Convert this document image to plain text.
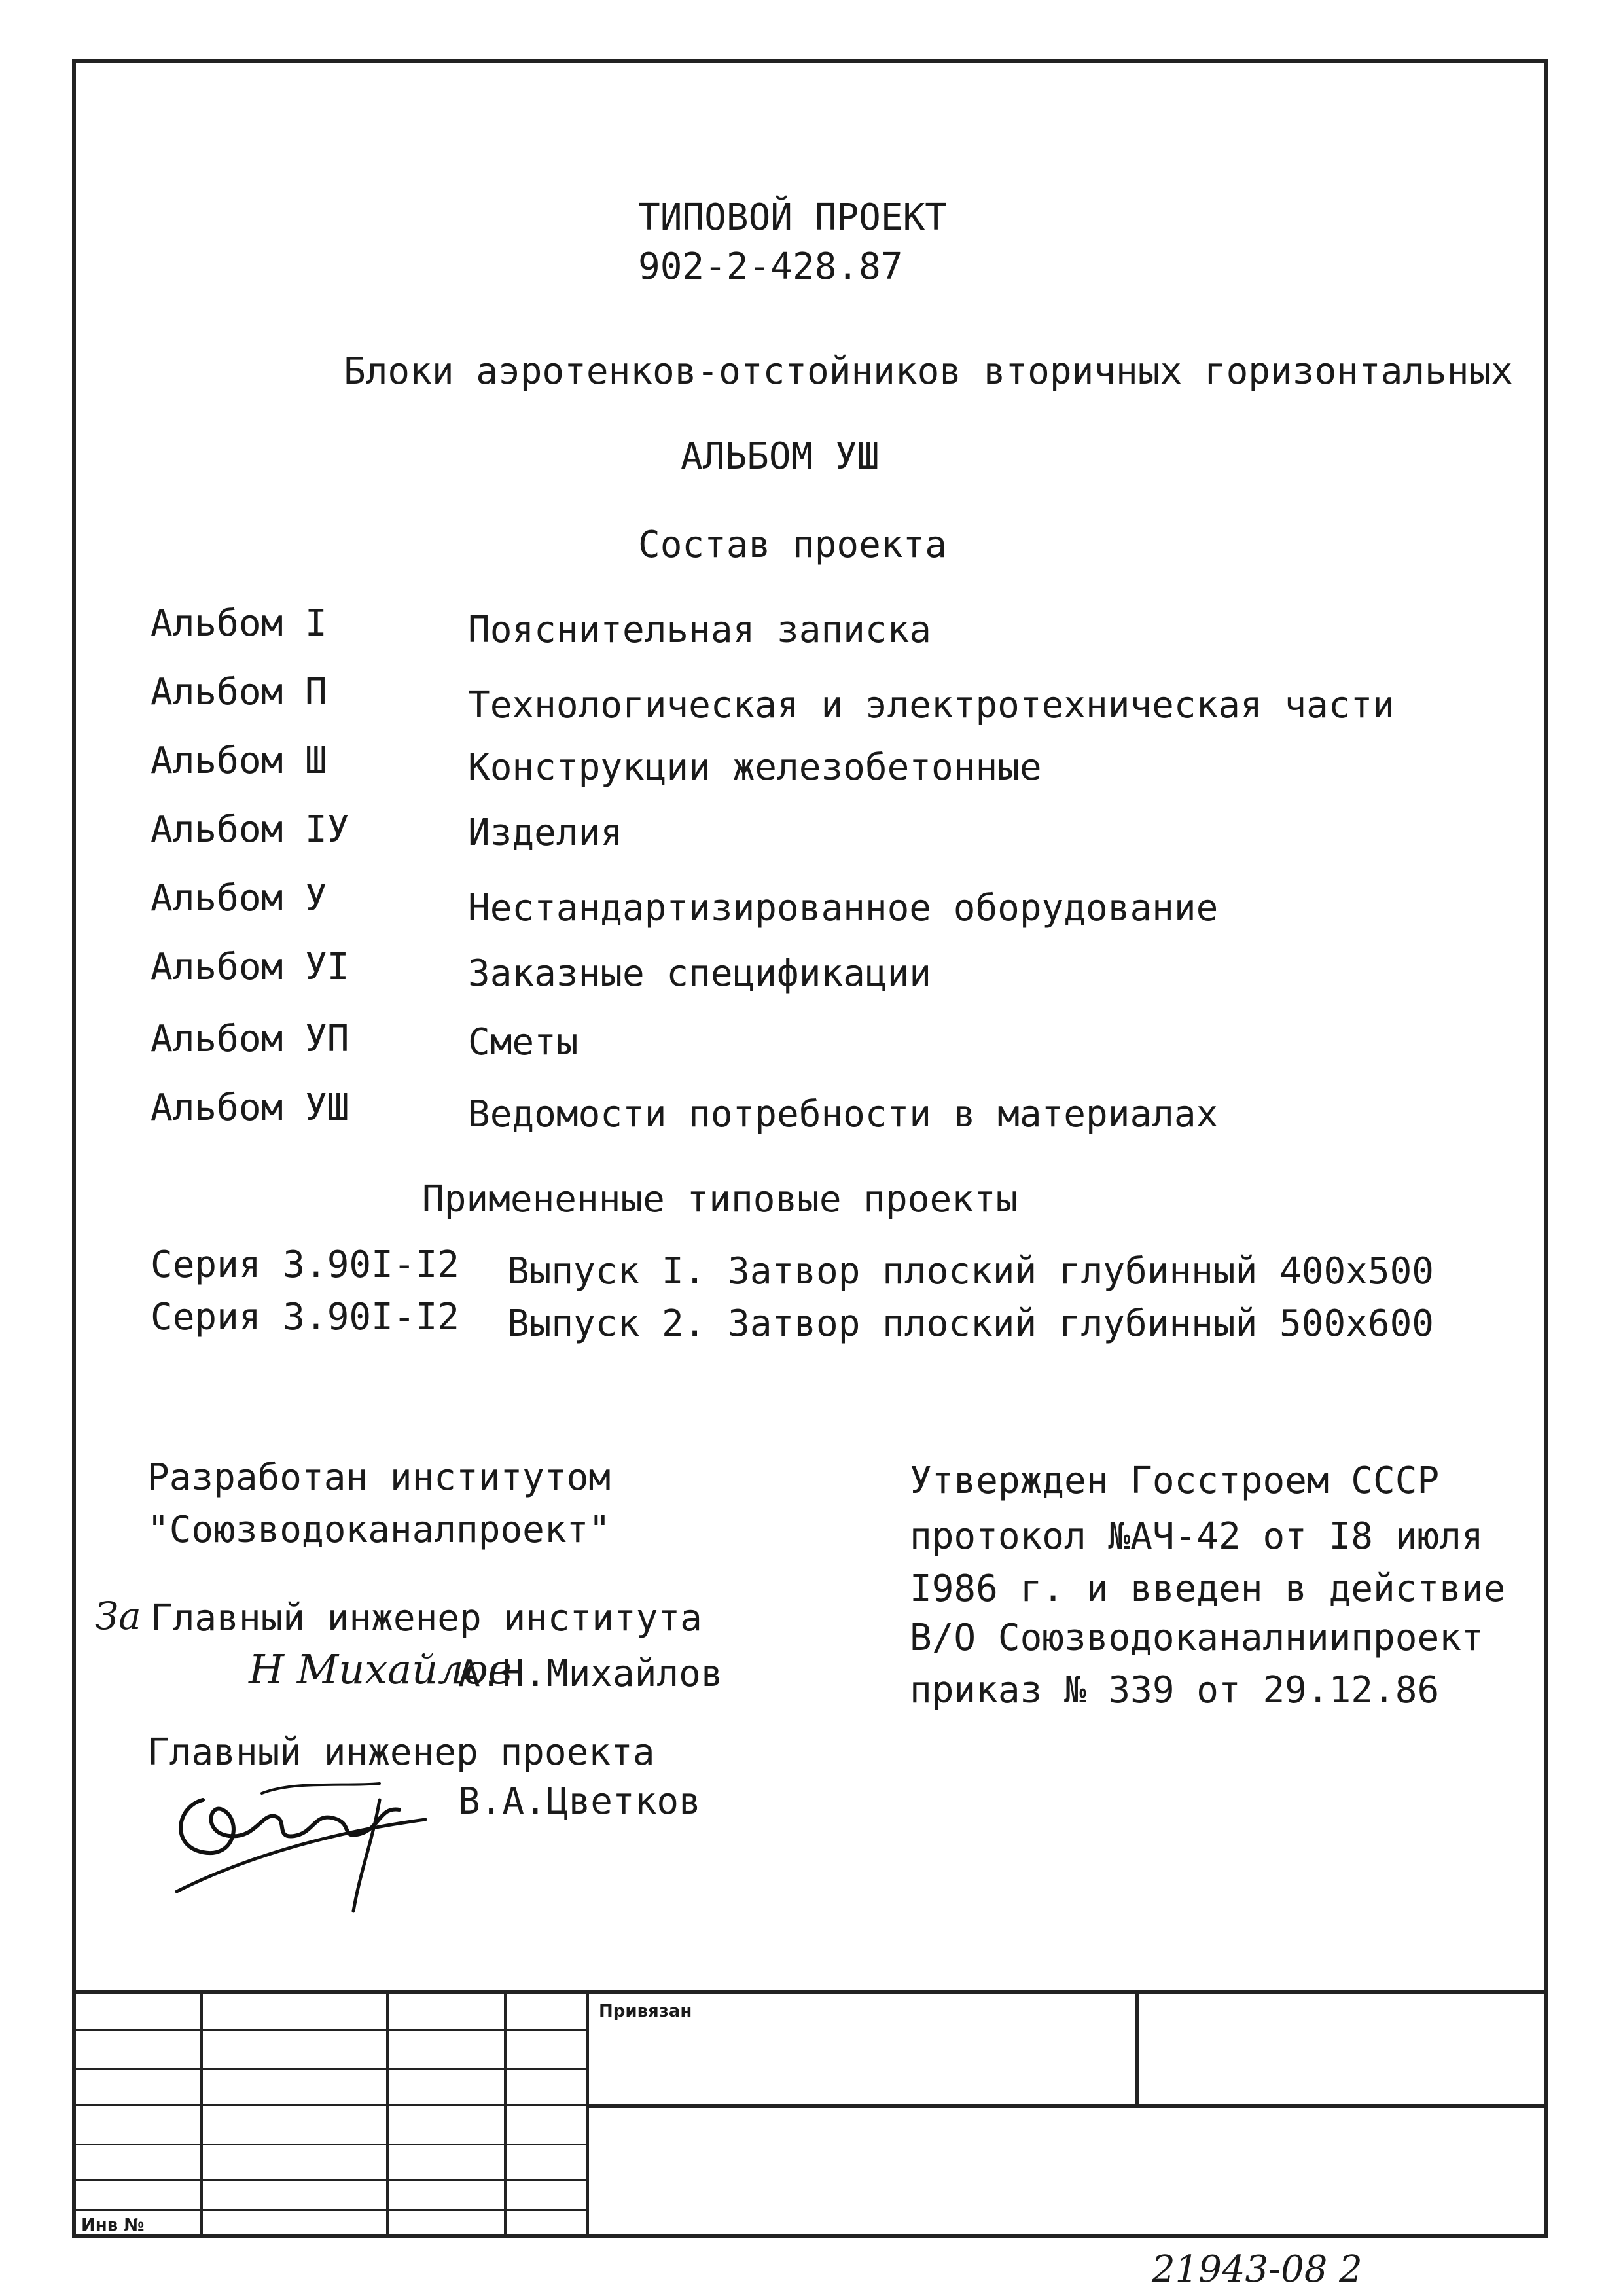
ТИПОВОЙ ПРОЕКТ
902-2-428.87
Блоки аэротенков-отстойников вторичных горизонтальных
АЛЬБОМ УШ
Состав проекта
Альбом I	Пояснительная записка
Альбом П	Технологическая и электротехническая части
Альбом Ш	Конструкции железобетонные
Альбом IУ	Изделия
Альбом У	Нестандартизированное оборудование
Альбом УI	Заказные спецификации
Альбом УП	Сметы
Альбом УШ	Ведомости потребности в материалах
Примененные типовые проекты
Серия 3.90I-I2 Выпуск I. Затвор плоский глубинный 400х500
Серия 3.90I-I2 Выпуск 2. Затвор плоский глубинный 500х600
Разработан институтом
"Союзводоканалпроект"
Утвержден Госстроем СССР
протокол №АЧ-42 от I8 июля
I986 г. и введен в действие
В/О Союзводоканалниипроект
приказ № 339 от 29.12.86
За Главный инженер института
Н Михайлов
А.Н.Михайлов
Главный инженер проекта
В.А.Цветков
Привязан
Инв №
21943-08 2
